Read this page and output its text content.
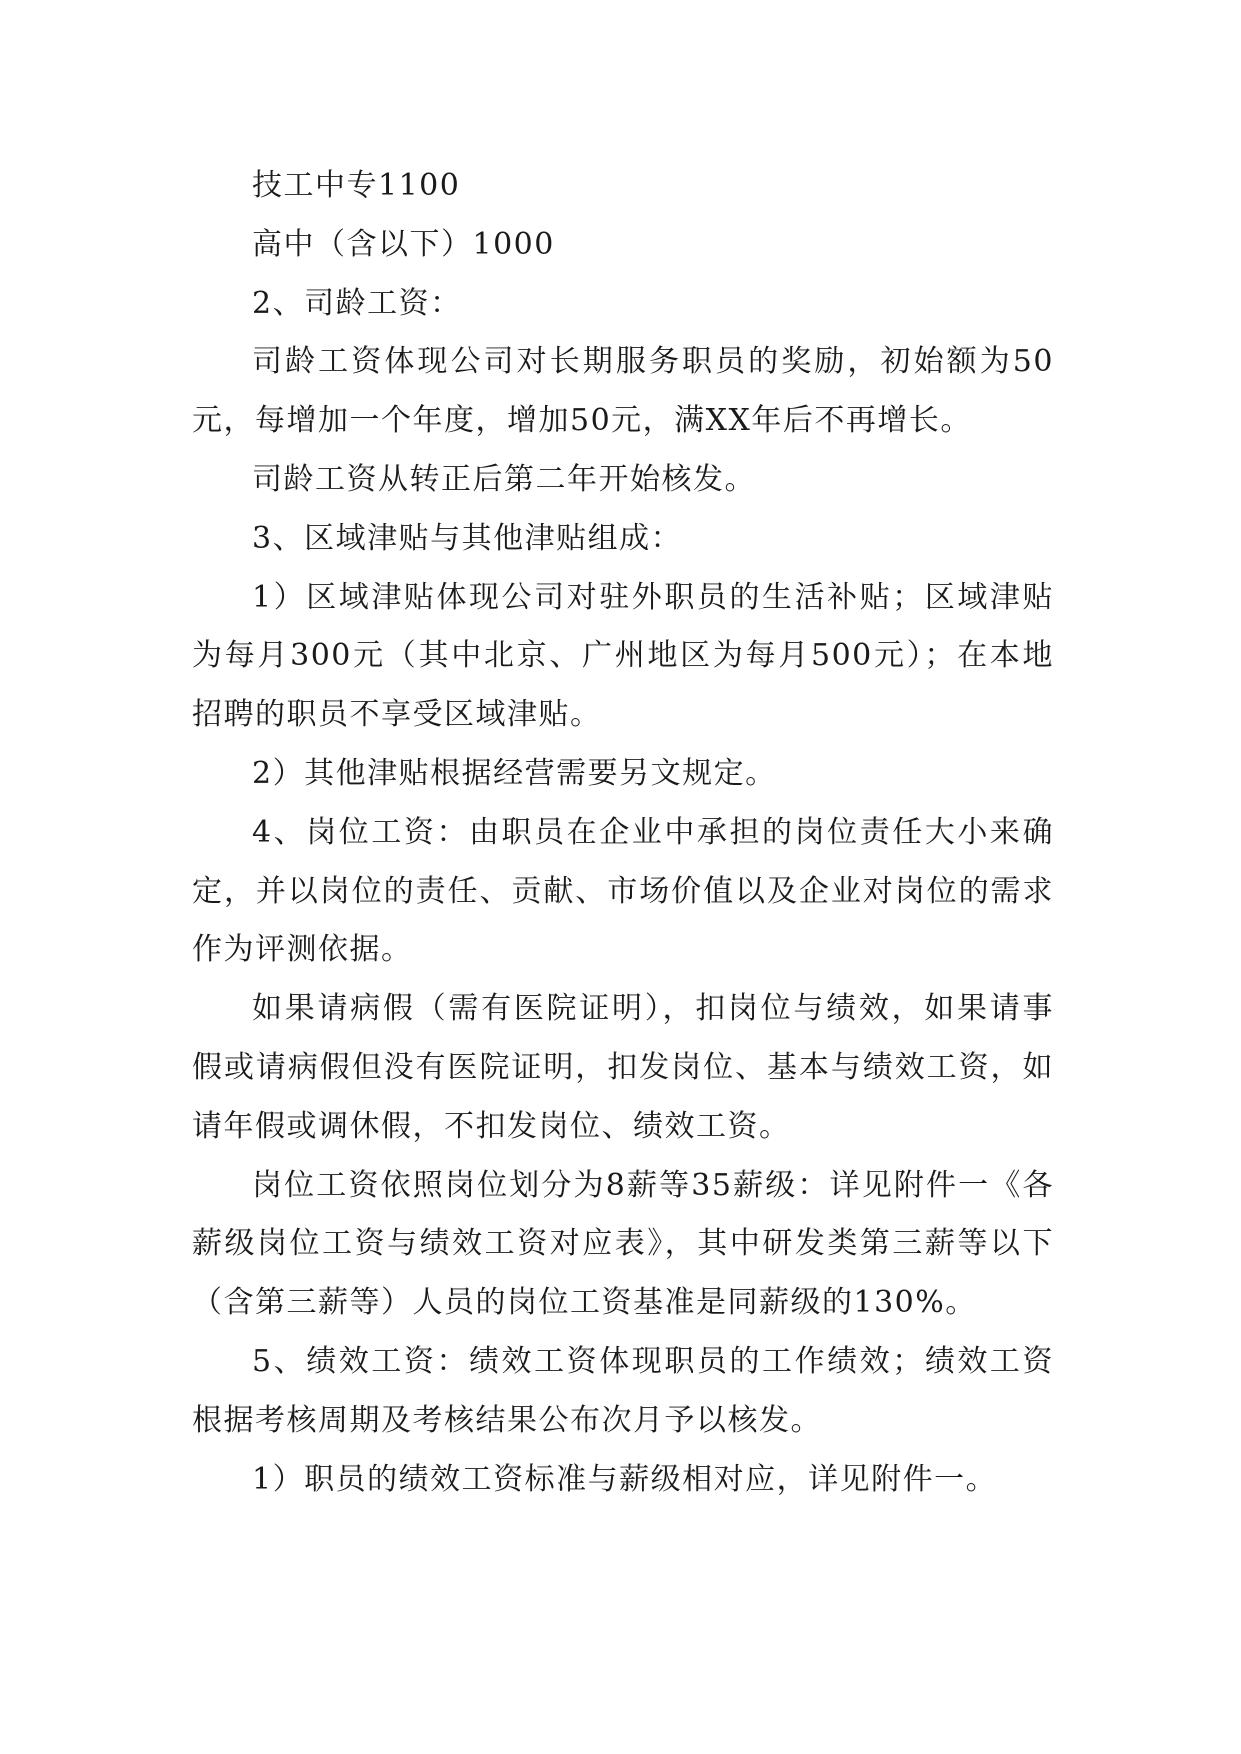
技工中专1100

高中（含以下）1000

2、司龄工资：

司龄工资体现公司对长期服务职员的奖励，初始额为50元，每增加一个年度，增加50元，满XX年后不再增长。

司龄工资从转正后第二年开始核发。

3、区域津贴与其他津贴组成：

1）区域津贴体现公司对驻外职员的生活补贴；区域津贴为每月300元（其中北京、广州地区为每月500元）；在本地招聘的职员不享受区域津贴。

2）其他津贴根据经营需要另文规定。

4、岗位工资：由职员在企业中承担的岗位责任大小来确定，并以岗位的责任、贡献、市场价值以及企业对岗位的需求作为评测依据。

如果请病假（需有医院证明），扣岗位与绩效，如果请事假或请病假但没有医院证明，扣发岗位、基本与绩效工资，如请年假或调休假，不扣发岗位、绩效工资。

岗位工资依照岗位划分为8薪等35薪级：详见附件一《各薪级岗位工资与绩效工资对应表》，其中研发类第三薪等以下（含第三薪等）人员的岗位工资基准是同薪级的130%。

5、绩效工资：绩效工资体现职员的工作绩效；绩效工资根据考核周期及考核结果公布次月予以核发。

1）职员的绩效工资标准与薪级相对应，详见附件一。
